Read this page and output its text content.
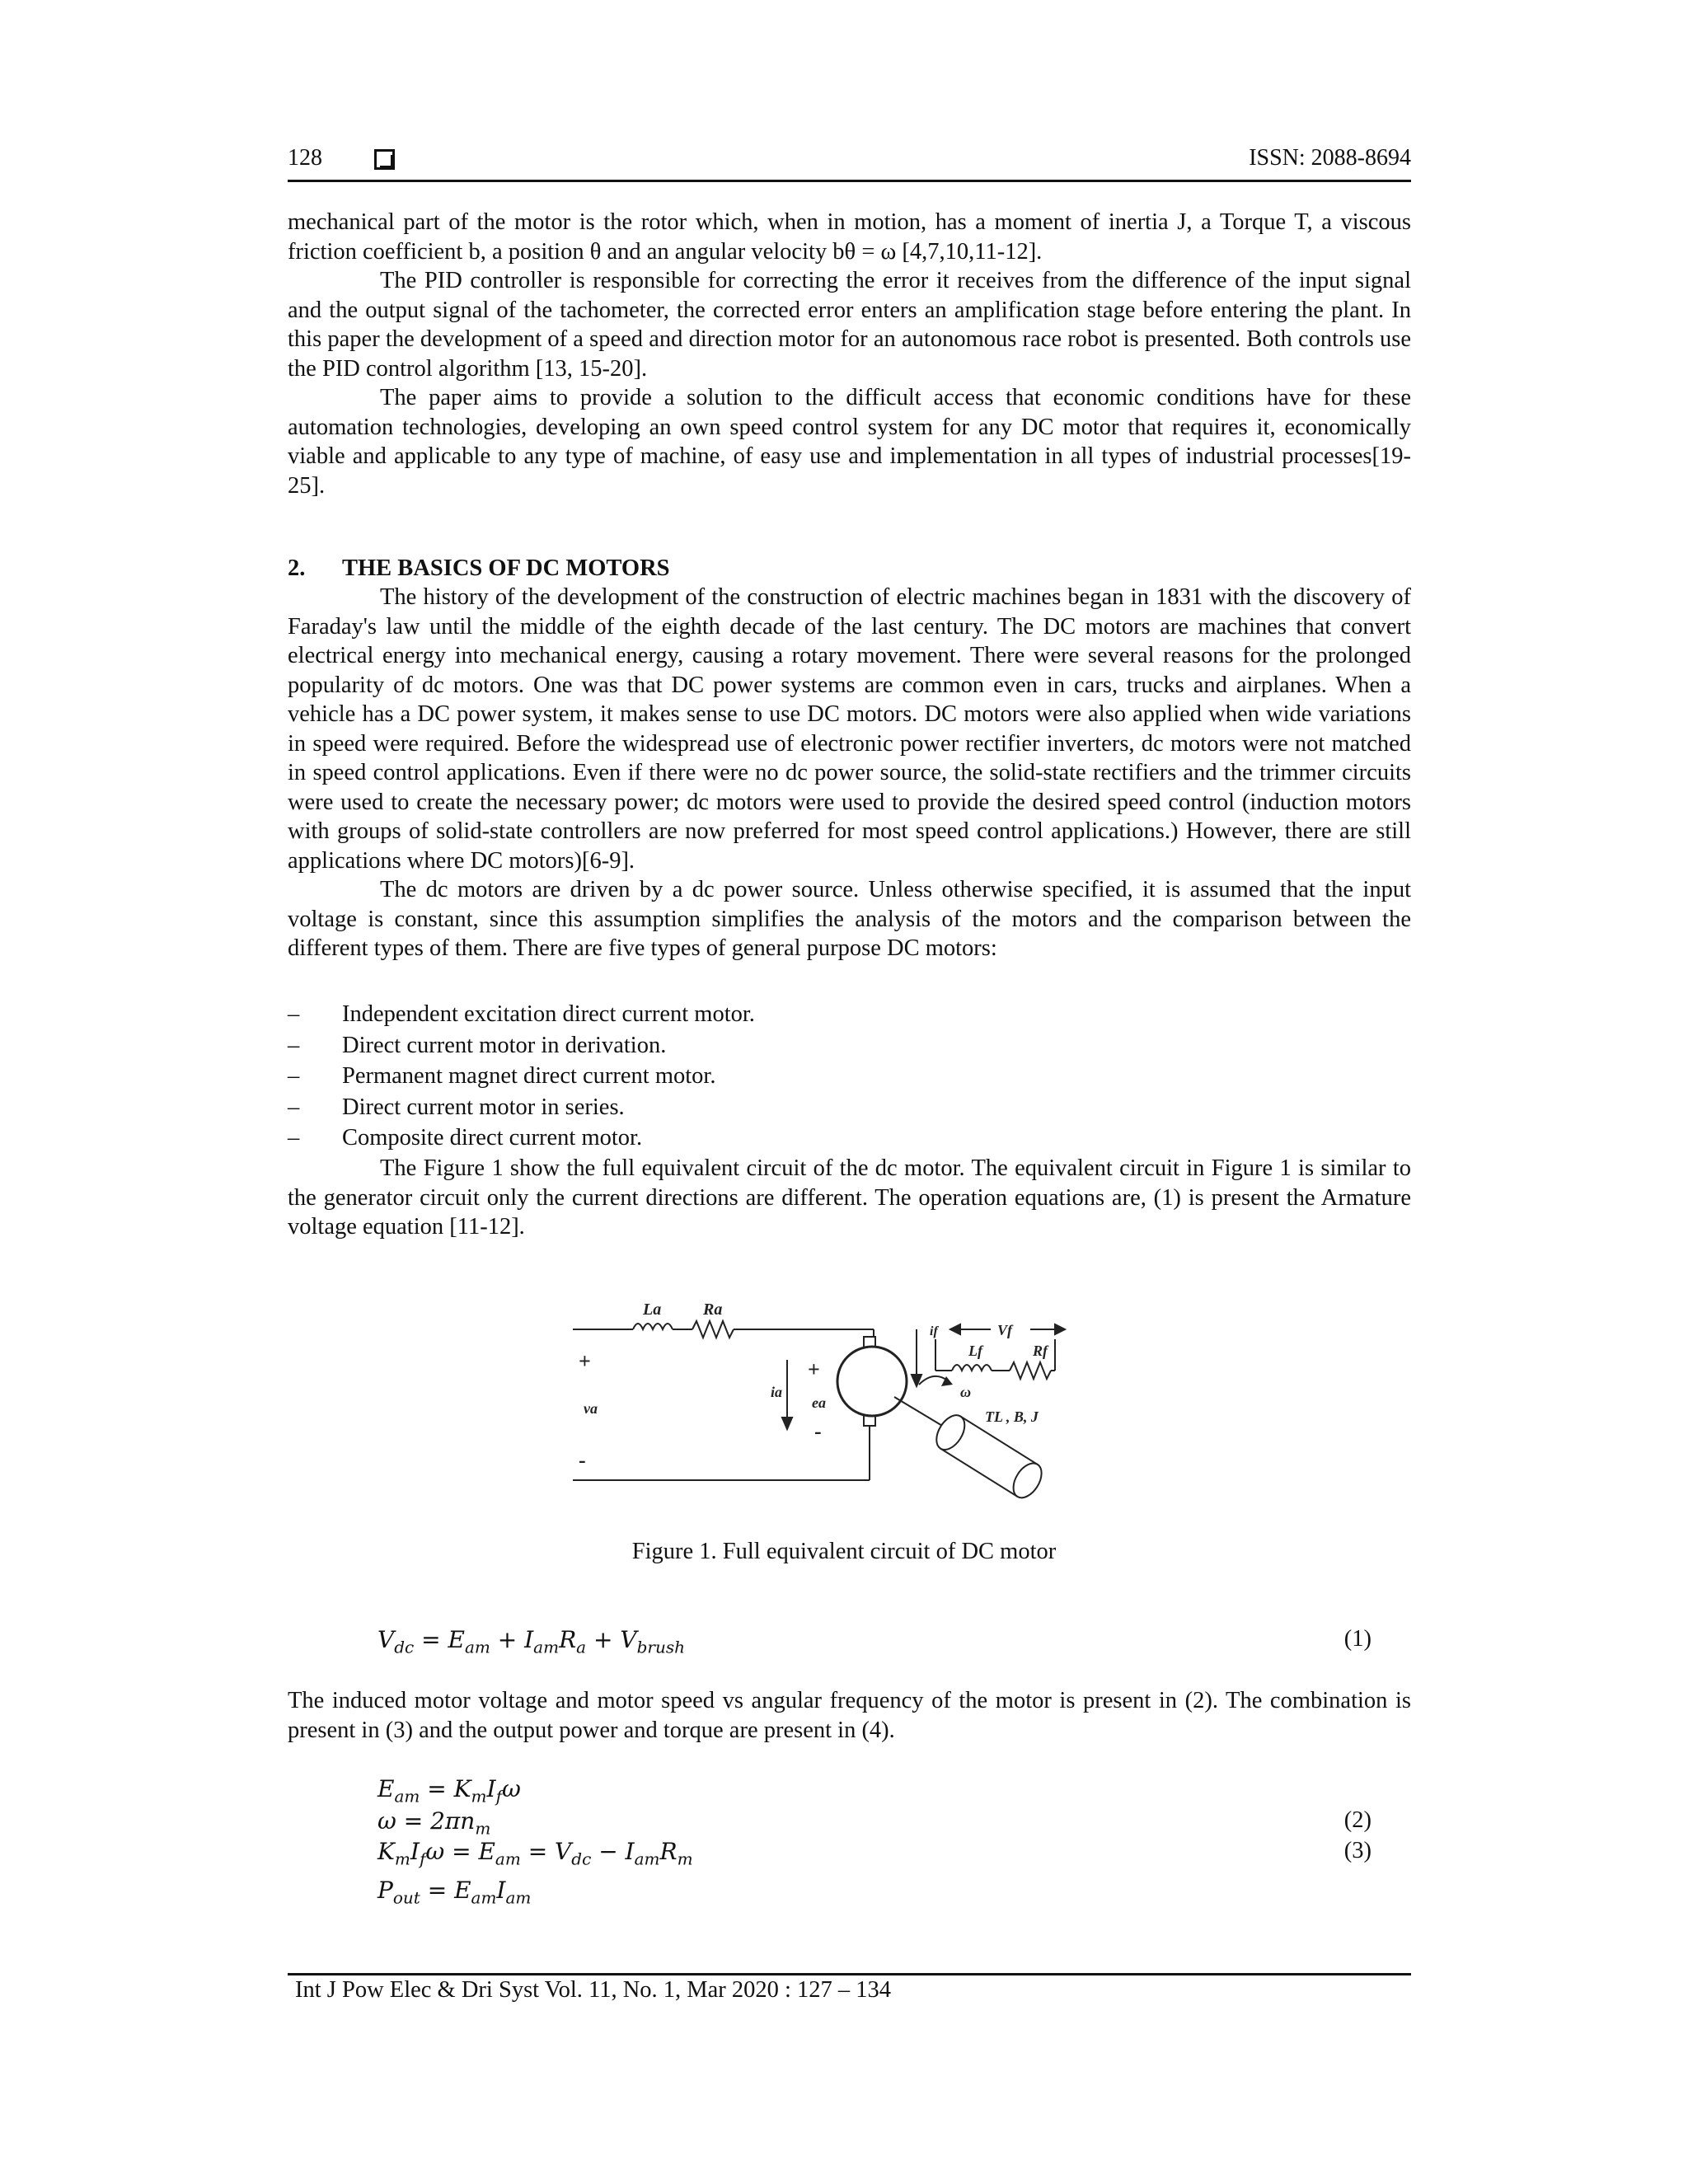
128	ISSN: 2088-8694

mechanical part of the motor is the rotor which, when in motion, has a moment of inertia J, a Torque T, a viscous friction coefficient b, a position θ and an angular velocity bθ = ω [4,7,10,11-12].

The PID controller is responsible for correcting the error it receives from the difference of the input signal and the output signal of the tachometer, the corrected error enters an amplification stage before entering the plant. In this paper the development of a speed and direction motor for an autonomous race robot is presented. Both controls use the PID control algorithm [13, 15-20].

The paper aims to provide a solution to the difficult access that economic conditions have for these automation technologies, developing an own speed control system for any DC motor that requires it, economically viable and applicable to any type of machine, of easy use and implementation in all types of industrial processes[19-25].

2. THE BASICS OF DC MOTORS

The history of the development of the construction of electric machines began in 1831 with the discovery of Faraday's law until the middle of the eighth decade of the last century. The DC motors are machines that convert electrical energy into mechanical energy, causing a rotary movement. There were several reasons for the prolonged popularity of dc motors. One was that DC power systems are common even in cars, trucks and airplanes. When a vehicle has a DC power system, it makes sense to use DC motors. DC motors were also applied when wide variations in speed were required. Before the widespread use of electronic power rectifier inverters, dc motors were not matched in speed control applications. Even if there were no dc power source, the solid-state rectifiers and the trimmer circuits were used to create the necessary power; dc motors were used to provide the desired speed control (induction motors with groups of solid-state controllers are now preferred for most speed control applications.) However, there are still applications where DC motors)[6-9].

The dc motors are driven by a dc power source. Unless otherwise specified, it is assumed that the input voltage is constant, since this assumption simplifies the analysis of the motors and the comparison between the different types of them. There are five types of general purpose DC motors:

– Independent excitation direct current motor.
– Direct current motor in derivation.
– Permanent magnet direct current motor.
– Direct current motor in series.
– Composite direct current motor.

The Figure 1 show the full equivalent circuit of the dc motor. The equivalent circuit in Figure 1 is similar to the generator circuit only the current directions are different. The operation equations are, (1) is present the Armature voltage equation [11-12].

La	Ra
+
va
-
ia
+
ea
-
if	Vf
Lf	Rf
ω
TL , B, J
Figure 1. Full equivalent circuit of DC motor
$V_{dc} = E_{am} + I_{am}R_a + V_{brush}$	(1)

The induced motor voltage and motor speed vs angular frequency of the motor is present in (2). The combination is present in (3) and the output power and torque are present in (4).

$E_{am} = K_mI_f\omega$
$\omega = 2\pi n_m$	(2)
$K_mI_f\omega = E_{am} = V_{dc} - I_{am}R_m$	(3)
$P_{out} = E_{am}I_{am}$
Int J Pow Elec & Dri Syst Vol. 11, No. 1, Mar 2020 : 127 – 134
